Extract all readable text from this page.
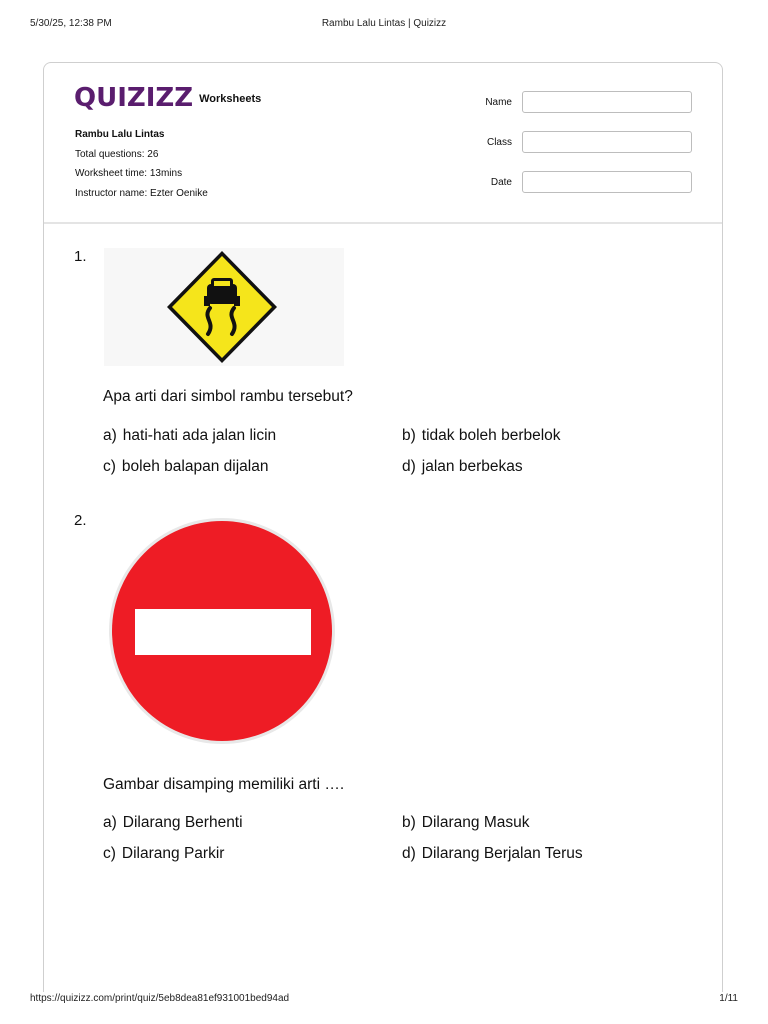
5/30/25, 12:38 PM	Rambu Lalu Lintas | Quizizz
QUIZIZZ Worksheets
Rambu Lalu Lintas
Total questions: 26
Worksheet time: 13mins
Instructor name: Ezter Oenike
Name
Class
Date
1.
Apa arti dari simbol rambu tersebut?
a) hati-hati ada jalan licin	b) tidak boleh berbelok
c) boleh balapan dijalan	d) jalan berbekas
2.
Gambar disamping memiliki arti ….
a) Dilarang Berhenti	b) Dilarang Masuk
c) Dilarang Parkir	d) Dilarang Berjalan Terus
https://quizizz.com/print/quiz/5eb8dea81ef931001bed94ad	1/11
